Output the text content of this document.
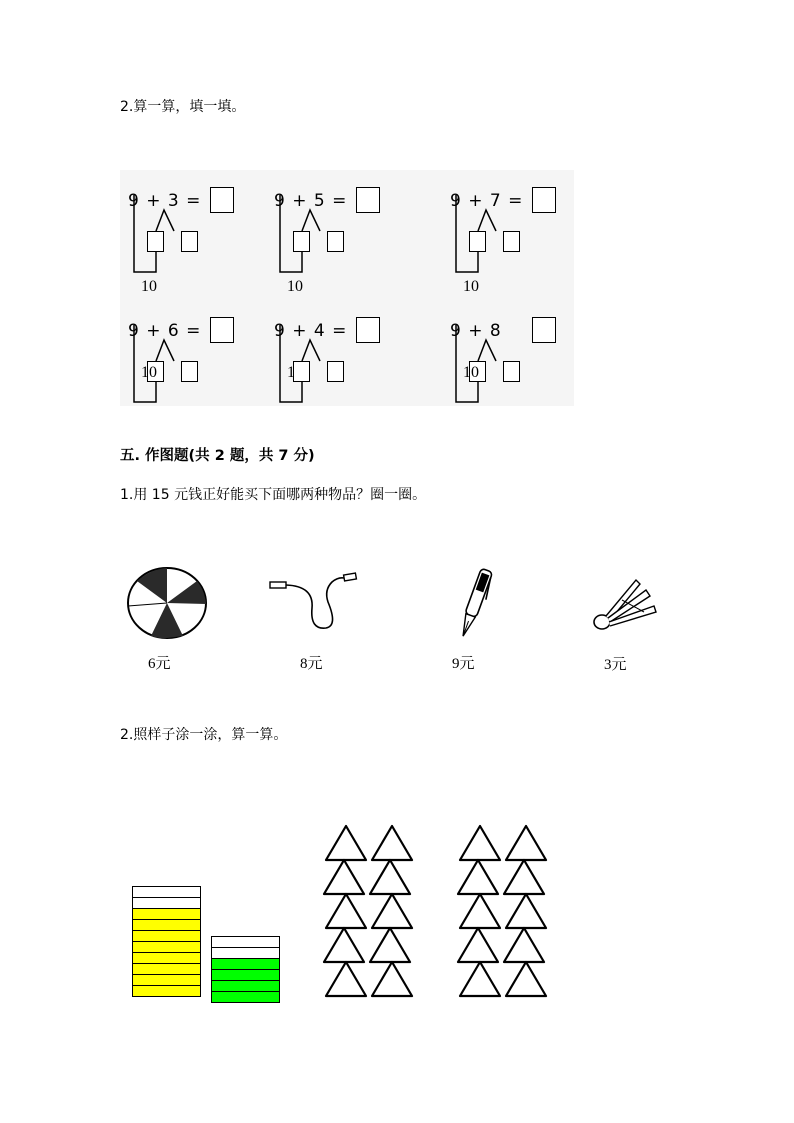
2.算一算，填一填。
9 + 3 =
10
9 + 5 =
10
9 + 7 =
10
9 + 6 =
10
9 + 4 =
1
9 + 8
10
五. 作图题(共 2 题，共 7 分)
1.用 15 元钱正好能买下面哪两种物品？圈一圈。
6元	8元	9元	3元
2.照样子涂一涂，算一算。
